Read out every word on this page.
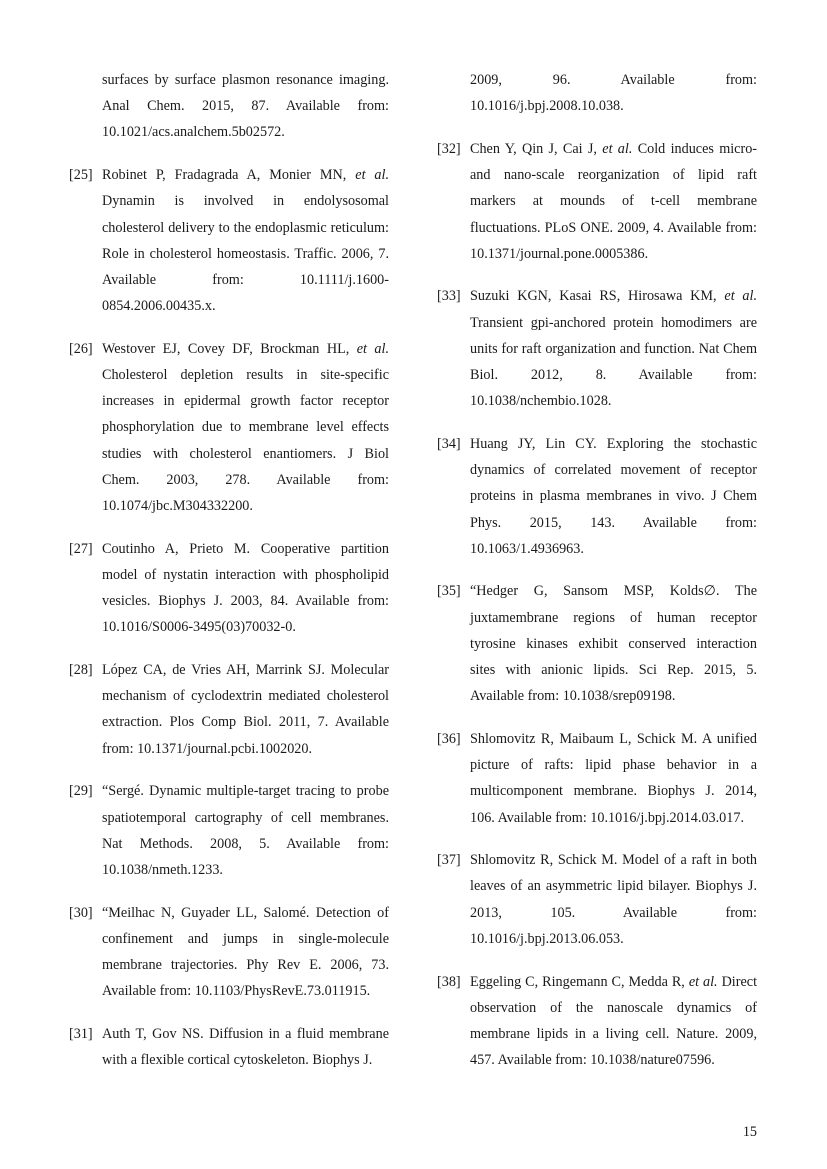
surfaces by surface plasmon resonance imaging. Anal Chem. 2015, 87. Available from: 10.1021/acs.analchem.5b02572.
[25] Robinet P, Fradagrada A, Monier MN, et al. Dynamin is involved in endolysosomal cholesterol delivery to the endoplasmic reticulum: Role in cholesterol homeostasis. Traffic. 2006, 7. Available from: 10.1111/j.1600-0854.2006.00435.x.
[26] Westover EJ, Covey DF, Brockman HL, et al. Cholesterol depletion results in site-specific increases in epidermal growth factor receptor phosphorylation due to membrane level effects studies with cholesterol enantiomers. J Biol Chem. 2003, 278. Available from: 10.1074/jbc.M304332200.
[27] Coutinho A, Prieto M. Cooperative partition model of nystatin interaction with phospholipid vesicles. Biophys J. 2003, 84. Available from: 10.1016/S0006-3495(03)70032-0.
[28] López CA, de Vries AH, Marrink SJ. Molecular mechanism of cyclodextrin mediated cholesterol extraction. Plos Comp Biol. 2011, 7. Available from: 10.1371/journal.pcbi.1002020.
[29] “Sergé. Dynamic multiple-target tracing to probe spatiotemporal cartography of cell membranes. Nat Methods. 2008, 5. Available from: 10.1038/nmeth.1233.
[30] “Meilhac N, Guyader LL, Salomé. Detection of confinement and jumps in single-molecule membrane trajectories. Phy Rev E. 2006, 73. Available from: 10.1103/PhysRevE.73.011915.
[31] Auth T, Gov NS. Diffusion in a fluid membrane with a flexible cortical cytoskeleton. Biophys J.
2009, 96. Available from: 10.1016/j.bpj.2008.10.038.
[32] Chen Y, Qin J, Cai J, et al. Cold induces micro- and nano-scale reorganization of lipid raft markers at mounds of t-cell membrane fluctuations. PLoS ONE. 2009, 4. Available from: 10.1371/journal.pone.0005386.
[33] Suzuki KGN, Kasai RS, Hirosawa KM, et al. Transient gpi-anchored protein homodimers are units for raft organization and function. Nat Chem Biol. 2012, 8. Available from: 10.1038/nchembio.1028.
[34] Huang JY, Lin CY. Exploring the stochastic dynamics of correlated movement of receptor proteins in plasma membranes in vivo. J Chem Phys. 2015, 143. Available from: 10.1063/1.4936963.
[35] “Hedger G, Sansom MSP, Kolds∅. The juxtamembrane regions of human receptor tyrosine kinases exhibit conserved interaction sites with anionic lipids. Sci Rep. 2015, 5. Available from: 10.1038/srep09198.
[36] Shlomovitz R, Maibaum L, Schick M. A unified picture of rafts: lipid phase behavior in a multicomponent membrane. Biophys J. 2014, 106. Available from: 10.1016/j.bpj.2014.03.017.
[37] Shlomovitz R, Schick M. Model of a raft in both leaves of an asymmetric lipid bilayer. Biophys J. 2013, 105. Available from: 10.1016/j.bpj.2013.06.053.
[38] Eggeling C, Ringemann C, Medda R, et al. Direct observation of the nanoscale dynamics of membrane lipids in a living cell. Nature. 2009, 457. Available from: 10.1038/nature07596.
15
